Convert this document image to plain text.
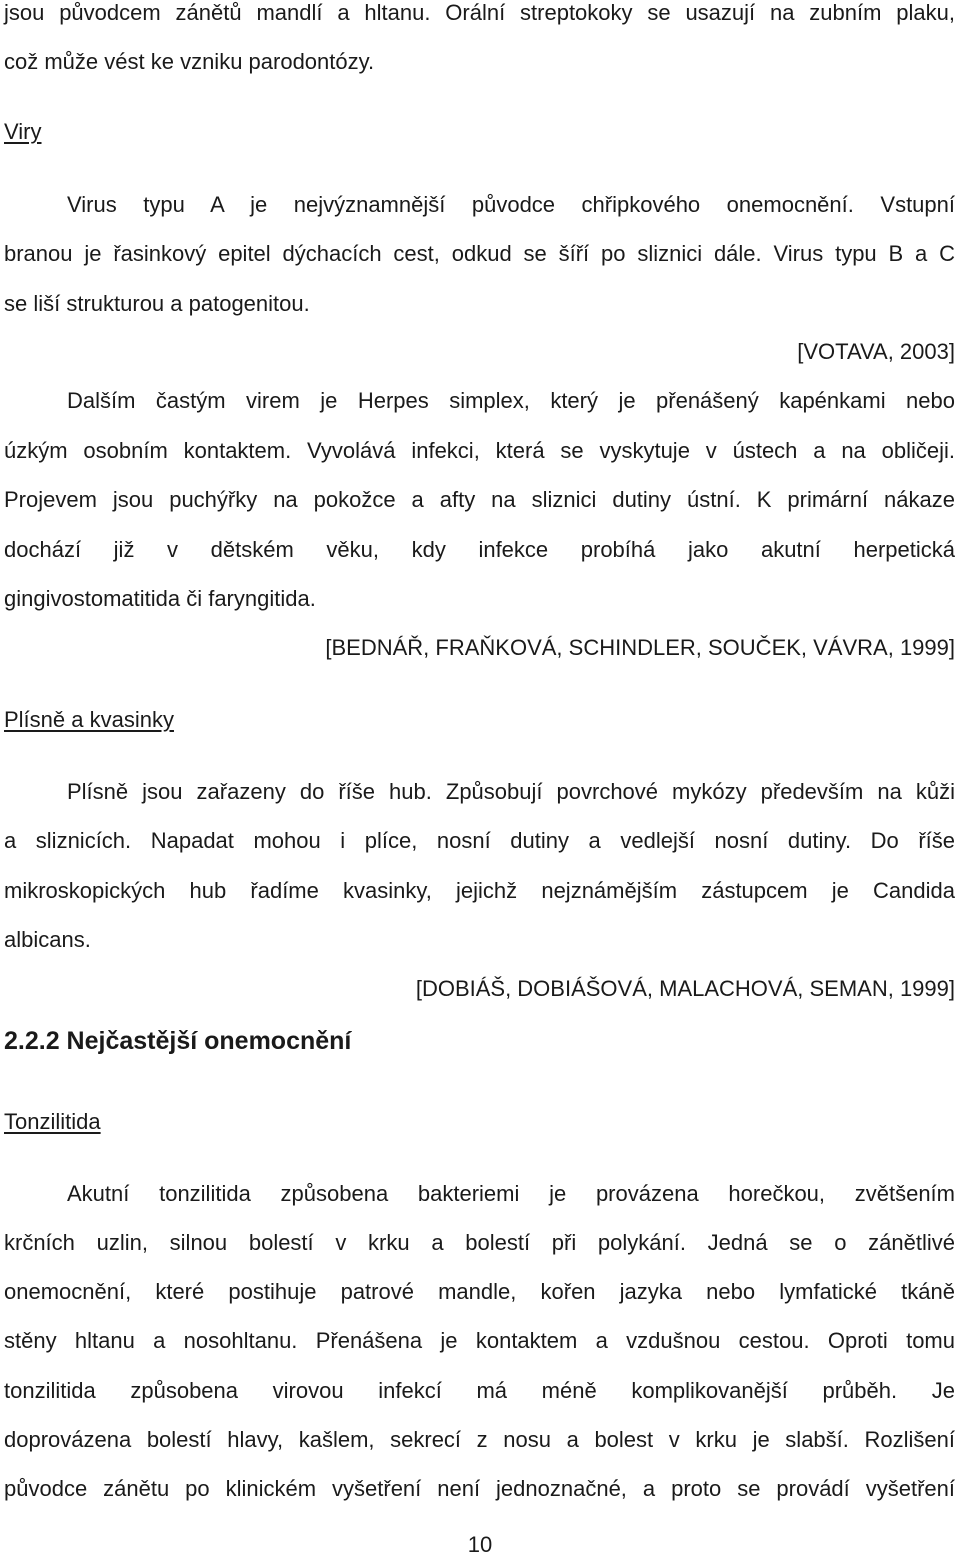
jsou původcem zánětů mandlí a hltanu. Orální streptokoky se usazují na zubním plaku,
což může vést ke vzniku parodontózy.
Viry
Virus typu A je nejvýznamnější původce chřipkového onemocnění. Vstupní
branou je řasinkový epitel dýchacích cest, odkud se šíří po sliznici dále. Virus typu B a C
se liší strukturou a patogenitou.
[VOTAVA, 2003]
Dalším častým virem je Herpes simplex, který je přenášený kapénkami nebo
úzkým osobním kontaktem. Vyvolává infekci, která se vyskytuje v ústech a na obličeji.
Projevem jsou puchýřky na pokožce a afty na sliznici dutiny ústní. K primární nákaze
dochází již v dětském věku, kdy infekce probíhá jako akutní herpetická
gingivostomatitida či faryngitida.
[BEDNÁŘ, FRAŇKOVÁ, SCHINDLER, SOUČEK, VÁVRA, 1999]
Plísně a kvasinky
Plísně jsou zařazeny do říše hub. Způsobují povrchové mykózy především na kůži
a sliznicích. Napadat mohou i plíce, nosní dutiny a vedlejší nosní dutiny. Do říše
mikroskopických hub řadíme kvasinky, jejichž nejznámějším zástupcem je Candida
albicans.
[DOBIÁŠ, DOBIÁŠOVÁ, MALACHOVÁ, SEMAN, 1999]
2.2.2 Nejčastější onemocnění
Tonzilitida
Akutní tonzilitida způsobena bakteriemi je provázena horečkou, zvětšením
krčních uzlin, silnou bolestí v krku a bolestí při polykání. Jedná se o zánětlivé
onemocnění, které postihuje patrové mandle, kořen jazyka nebo lymfatické tkáně
stěny hltanu a nosohltanu. Přenášena je kontaktem a vzdušnou cestou. Oproti tomu
tonzilitida způsobena virovou infekcí má méně komplikovanější průběh. Je
doprovázena bolestí hlavy, kašlem, sekrecí z nosu a bolest v krku je slabší. Rozlišení
původce zánětu po klinickém vyšetření není jednoznačné, a proto se provádí vyšetření
10
